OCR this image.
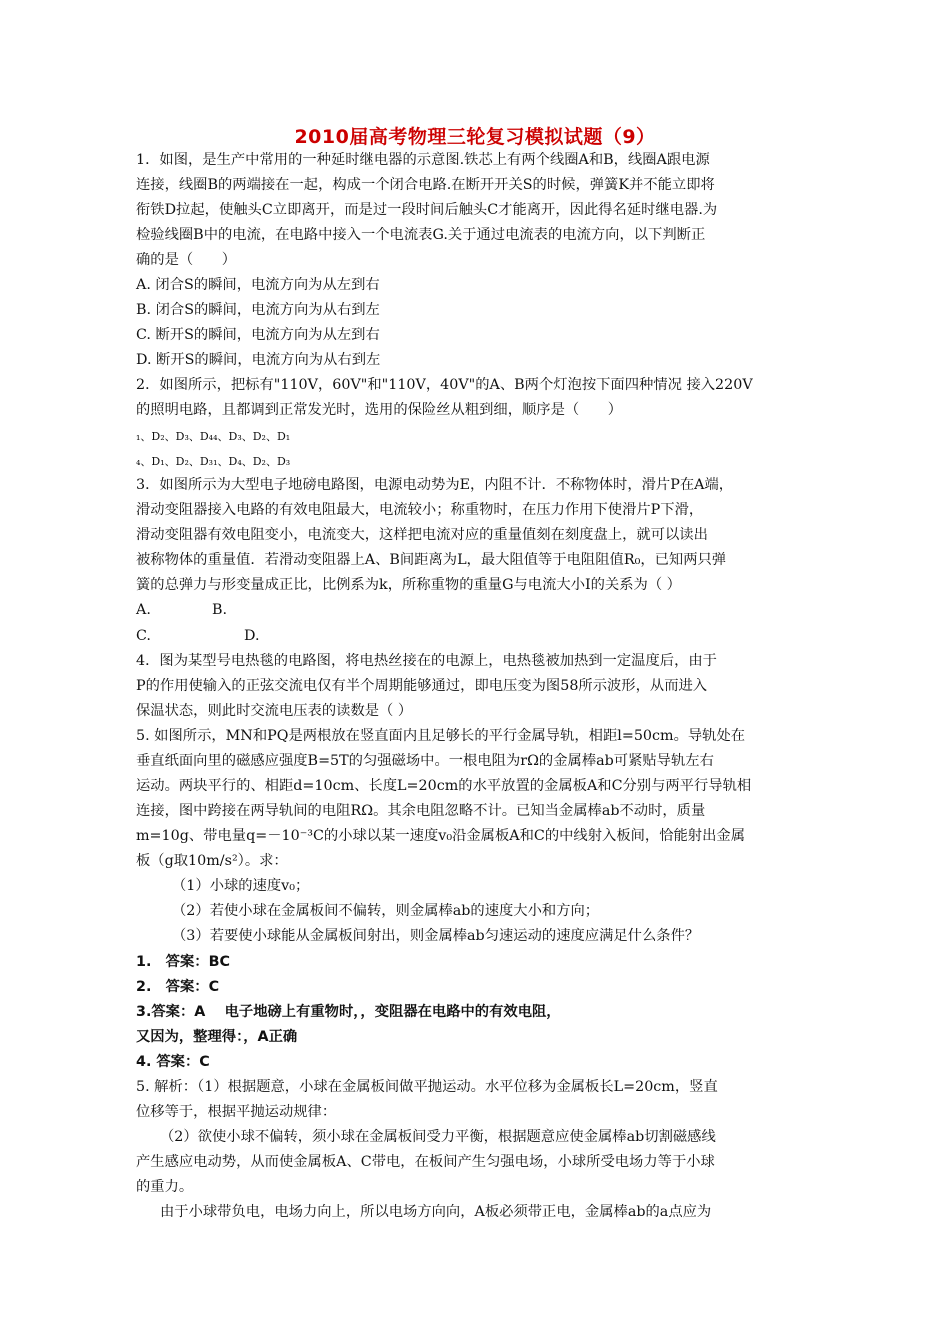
2010届高考物理三轮复习模拟试题（9）
1．如图，是生产中常用的一种延时继电器的示意图.铁芯上有两个线圈A和B，线圈A跟电源
连接，线圈B的两端接在一起，构成一个闭合电路.在断开开关S的时候，弹簧K并不能立即将
衔铁D拉起，使触头C立即离开，而是过一段时间后触头C才能离开，因此得名延时继电器.为
检验线圈B中的电流，在电路中接入一个电流表G.关于通过电流表的电流方向，以下判断正
确的是（　　）
A. 闭合S的瞬间，电流方向为从左到右
B. 闭合S的瞬间，电流方向为从右到左
C. 断开S的瞬间，电流方向为从左到右
D. 断开S的瞬间，电流方向为从右到左
2．如图所示，把标有"110V，60V"和"110V，40V"的A、B两个灯泡按下面四种情况 接入220V
的照明电路，且都调到正常发光时，选用的保险丝从粗到细，顺序是（　　）
₁、D₂、D₃、D₄₄、D₃、D₂、D₁
₄、D₁、D₂、D₃₁、D₄、D₂、D₃
3．如图所示为大型电子地磅电路图，电源电动势为E，内阻不计．不称物体时，滑片P在A端，
滑动变阻器接入电路的有效电阻最大，电流较小；称重物时，在压力作用下使滑片P下滑，
滑动变阻器有效电阻变小，电流变大，这样把电流对应的重量值刻在刻度盘上，就可以读出
被称物体的重量值．若滑动变阻器上A、B间距离为L，最大阻值等于电阻阻值R₀，已知两只弹
簧的总弹力与形变量成正比，比例系为k，所称重物的重量G与电流大小I的关系为（ ）
A.	B.
C.	D.
4．图为某型号电热毯的电路图，将电热丝接在的电源上，电热毯被加热到一定温度后，由于
P的作用使输入的正弦交流电仅有半个周期能够通过，即电压变为图58所示波形，从而进入
保温状态，则此时交流电压表的读数是（ ）
5. 如图所示，MN和PQ是两根放在竖直面内且足够长的平行金属导轨，相距l=50cm。导轨处在
垂直纸面向里的磁感应强度B=5T的匀强磁场中。一根电阻为rΩ的金属棒ab可紧贴导轨左右
运动。两块平行的、相距d=10cm、长度L=20cm的水平放置的金属板A和C分别与两平行导轨相
连接，图中跨接在两导轨间的电阻RΩ。其余电阻忽略不计。已知当金属棒ab不动时，质量
m=10g、带电量q=－10⁻³C的小球以某一速度v₀沿金属板A和C的中线射入板间，恰能射出金属
板（g取10m/s²）。求：
（1）小球的速度v₀；
（2）若使小球在金属板间不偏转，则金属棒ab的速度大小和方向；
（3）若要使小球能从金属板间射出，则金属棒ab匀速运动的速度应满足什么条件？
1.　答案：BC
2.　答案：C
3.答案：A　 电子地磅上有重物时，，变阻器在电路中的有效电阻，
又因为，整理得：，A正确
4. 答案：C
5. 解析：（1）根据题意，小球在金属板间做平抛运动。水平位移为金属板长L=20cm，竖直
位移等于，根据平抛运动规律：
（2）欲使小球不偏转，须小球在金属板间受力平衡，根据题意应使金属棒ab切割磁感线
产生感应电动势，从而使金属板A、C带电，在板间产生匀强电场，小球所受电场力等于小球
的重力。
由于小球带负电，电场力向上，所以电场方向向，A板必须带正电，金属棒ab的a点应为
